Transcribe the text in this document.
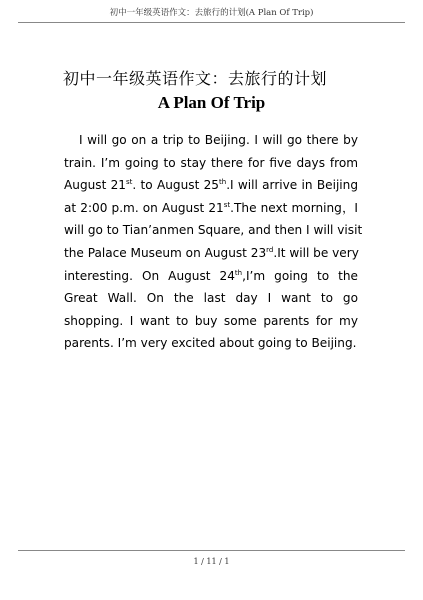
初中一年级英语作文：去旅行的计划(A Plan Of Trip)
初中一年级英语作文：去旅行的计划
A Plan Of Trip
I will go on a trip to Beijing. I will go there by
train. I’m going to stay there for five days from
August 21st. to August 25th.I will arrive in Beijing
at 2:00 p.m. on August 21st.The next morning，I
will go to Tian’anmen Square, and then I will visit
the Palace Museum on August 23rd.It will be very
interesting. On August 24th,I’m going to the
Great Wall. On the last day I want to go
shopping. I want to buy some parents for my
parents. I’m very excited about going to Beijing.
1 / 11 / 1
